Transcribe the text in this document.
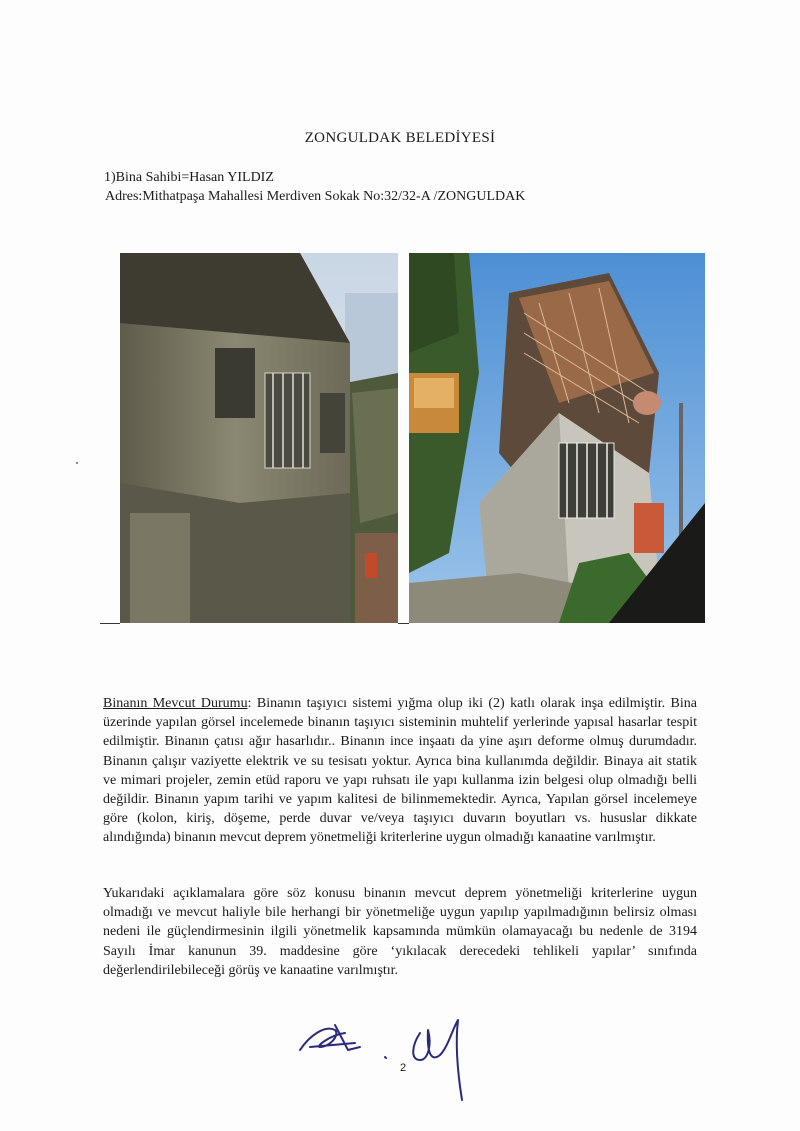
ZONGULDAK BELEDİYESİ
1)Bina Sahibi=Hasan YILDIZ
Adres:Mithatpaşa Mahallesi Merdiven Sokak No:32/32-A /ZONGULDAK
Binanın Mevcut Durumu: Binanın taşıyıcı sistemi yığma olup iki (2) katlı olarak inşa edilmiştir. Bina üzerinde yapılan görsel incelemede binanın taşıyıcı sisteminin muhtelif yerlerinde yapısal hasarlar tespit edilmiştir. Binanın çatısı ağır hasarlıdır.. Binanın ince inşaatı da yine aşırı deforme olmuş durumdadır. Binanın çalışır vaziyette elektrik ve su tesisatı yoktur. Ayrıca bina kullanımda değildir. Binaya ait statik ve mimari projeler, zemin etüd raporu ve yapı ruhsatı ile yapı kullanma izin belgesi olup olmadığı belli değildir. Binanın yapım tarihi ve yapım kalitesi de bilinmemektedir. Ayrıca, Yapılan görsel incelemeye göre (kolon, kiriş, döşeme, perde duvar ve/veya taşıyıcı duvarın boyutları vs. hususlar dikkate alındığında) binanın mevcut deprem yönetmeliği kriterlerine uygun olmadığı kanaatine varılmıştır.
Yukarıdaki açıklamalara göre söz konusu binanın mevcut deprem yönetmeliği kriterlerine uygun olmadığı ve mevcut haliyle bile herhangi bir yönetmeliğe uygun yapılıp yapılmadığının belirsiz olması nedeni ile güçlendirmesinin ilgili yönetmelik kapsamında mümkün olamayacağı bu nedenle de 3194 Sayılı İmar kanunun 39. maddesine göre ‘yıkılacak derecedeki tehlikeli yapılar’ sınıfında değerlendirilebileceği görüş ve kanaatine varılmıştır.
2
